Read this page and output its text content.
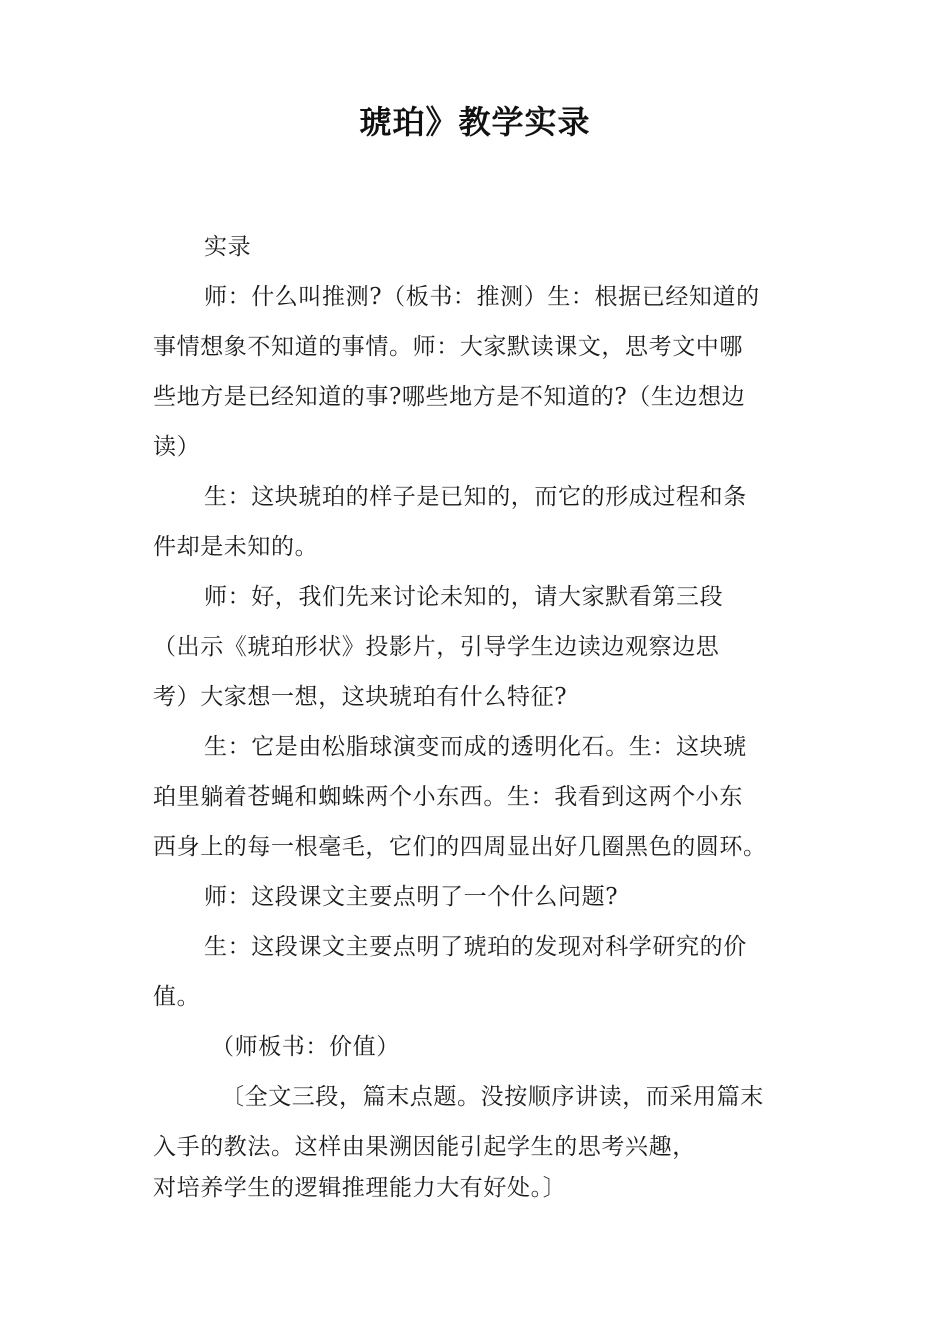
琥珀》教学实录
实录
师：什么叫推测?（板书：推测）生：根据已经知道的
事情想象不知道的事情。师：大家默读课文，思考文中哪
些地方是已经知道的事?哪些地方是不知道的?（生边想边
读）
生：这块琥珀的样子是已知的，而它的形成过程和条
件却是未知的。
师：好，我们先来讨论未知的，请大家默看第三段
（出示《琥珀形状》投影片，引导学生边读边观察边思
考）大家想一想，这块琥珀有什么特征?
生：它是由松脂球演变而成的透明化石。生：这块琥
珀里躺着苍蝇和蜘蛛两个小东西。生：我看到这两个小东
西身上的每一根毫毛，它们的四周显出好几圈黑色的圆环。
师：这段课文主要点明了一个什么问题?
生：这段课文主要点明了琥珀的发现对科学研究的价
值。
（师板书：价值）
〔全文三段，篇末点题。没按顺序讲读，而采用篇末
入手的教法。这样由果溯因能引起学生的思考兴趣，
对培养学生的逻辑推理能力大有好处。〕
